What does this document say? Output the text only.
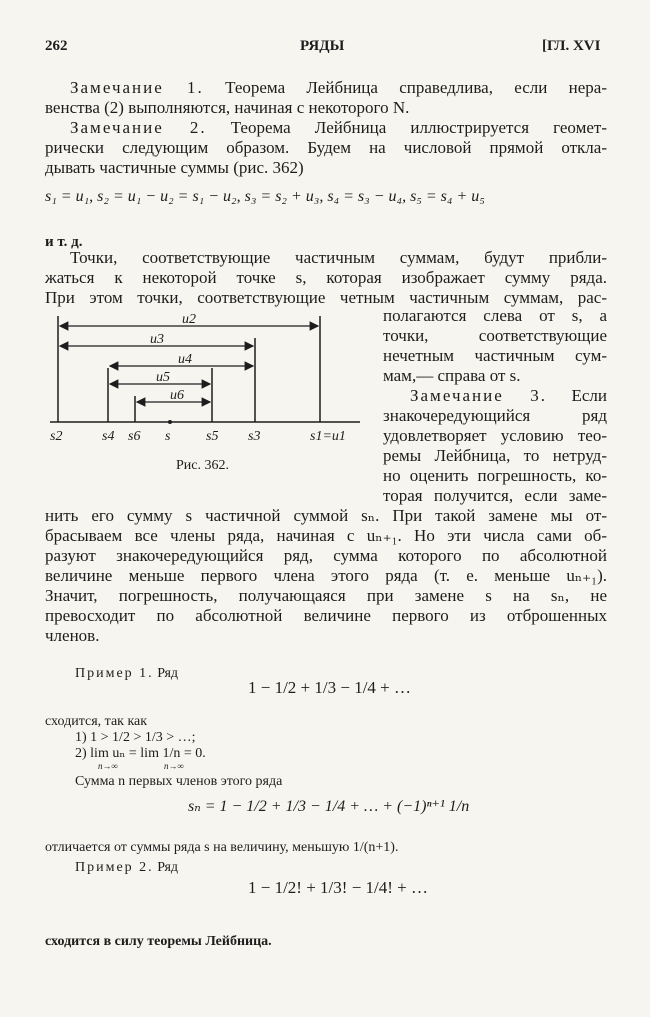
262	РЯДЫ	[ГЛ. XVI
Замечание 1. Теорема Лейбница справедлива, если нера-
венства (2) выполняются, начиная с некоторого N.
Замечание 2. Теорема Лейбница иллюстрируется геомет-
рически следующим образом. Будем на числовой прямой откла-
дывать частичные суммы (рис. 362)
s₁ = u₁, s₂ = u₁ − u₂ = s₁ − u₂, s₃ = s₂ + u₃, s₄ = s₃ − u₄, s₅ = s₄ + u₅
и т. д.
Точки, соответствующие частичным суммам, будут прибли-
жаться к некоторой точке s, которая изображает сумму ряда.
При этом точки, соответствующие четным частичным суммам, рас-
u2
u3
u4
u5
u6
s2	s4 s6 s	s5 s3	s1=u1
Рис. 362.
полагаются слева от s, а
точки, соответствующие
нечетным частичным сум-
мам,— справа от s.
Замечание 3. Если
знакочередующийся ряд
удовлетворяет условию тео-
ремы Лейбница, то нетруд-
но оценить погрешность, ко-
торая получится, если заме-
нить его сумму s частичной суммой sₙ. При такой замене мы от-
брасываем все члены ряда, начиная с uₙ₊₁. Но эти числа сами об-
разуют знакочередующийся ряд, сумма которого по абсолютной
величине меньше первого члена этого ряда (т. е. меньше uₙ₊₁).
Значит, погрешность, получающаяся при замене s на sₙ, не
превосходит по абсолютной величине первого из отброшенных
членов.
Пример 1. Ряд
1 − 1/2 + 1/3 − 1/4 + …
сходится, так как
1) 1 > 1/2 > 1/3 > …;
2) lim uₙ = lim 1/n = 0.
n→∞	n→∞
Сумма n первых членов этого ряда
sₙ = 1 − 1/2 + 1/3 − 1/4 + … + (−1)ⁿ⁺¹ 1/n
отличается от суммы ряда s на величину, меньшую 1/(n+1).
Пример 2. Ряд
1 − 1/2! + 1/3! − 1/4! + …
сходится в силу теоремы Лейбница.
